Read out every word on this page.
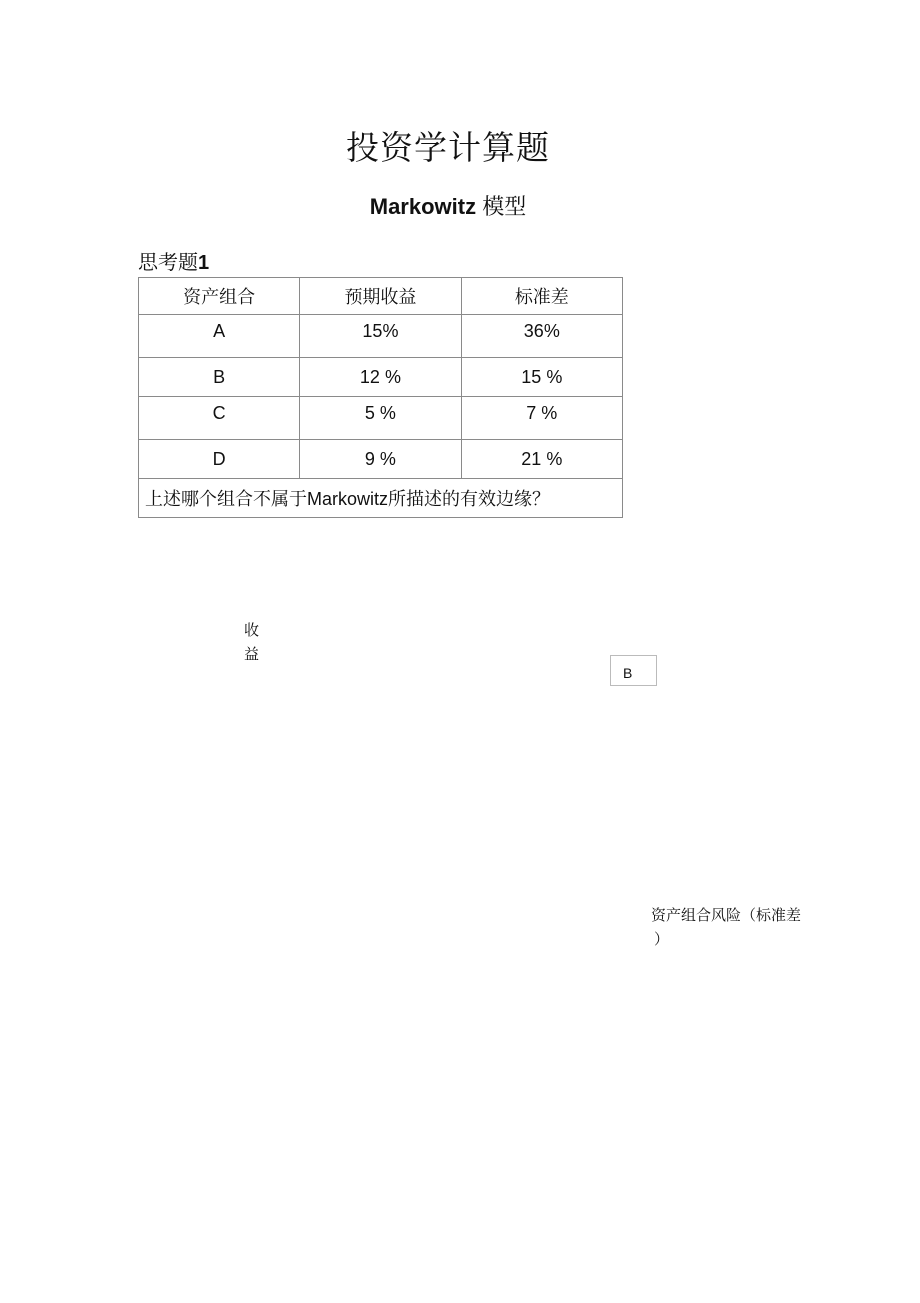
投资学计算题
Markowitz 模型
思考题1
资产组合	预期收益	标准差
A	15%	36%
B	12 %	15 %
C	5 %	7 %
D	9 %	21 %
上述哪个组合不属于Markowitz所描述的有效边缘？		
收
益
B
资产组合风险（标准差
）
